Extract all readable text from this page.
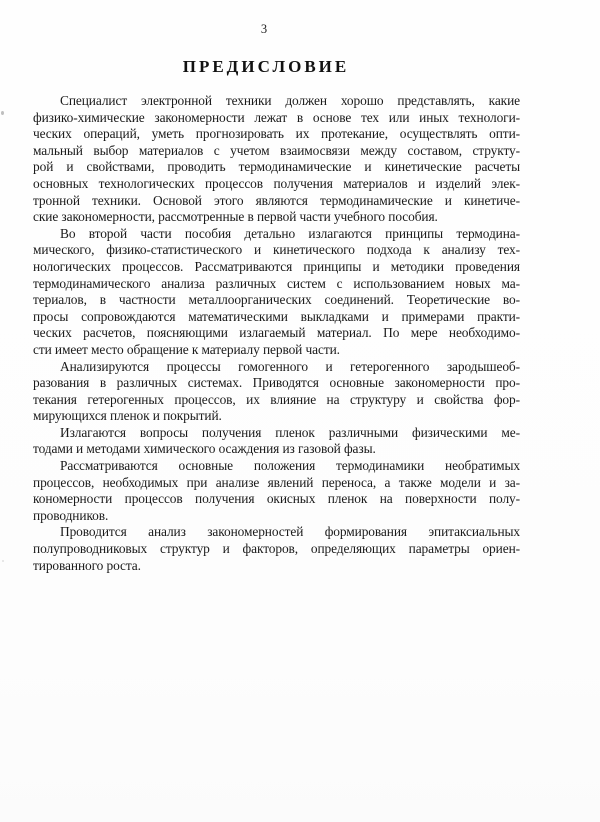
3
ПРЕДИСЛОВИЕ
Специалист электронной техники должен хорошо представлять, какие
физико-химические закономерности лежат в основе тех или иных технологи-
ческих операций, уметь прогнозировать их протекание, осуществлять опти-
мальный выбор материалов с учетом взаимосвязи между составом, структу-
рой и свойствами, проводить термодинамические и кинетические расчеты
основных технологических процессов получения материалов и изделий элек-
тронной техники. Основой этого являются термодинамические и кинетиче-
ские закономерности, рассмотренные в первой части учебного пособия.
Во второй части пособия детально излагаются принципы термодина-
мического, физико-статистического и кинетического подхода к анализу тех-
нологических процессов. Рассматриваются принципы и методики проведения
термодинамического анализа различных систем с использованием новых ма-
териалов, в частности металлоорганических соединений. Теоретические во-
просы сопровождаются математическими выкладками и примерами практи-
ческих расчетов, поясняющими излагаемый материал. По мере необходимо-
сти имеет место обращение к материалу первой части.
Анализируются процессы гомогенного и гетерогенного зародышеоб-
разования в различных системах. Приводятся основные закономерности про-
текания гетерогенных процессов, их влияние на структуру и свойства фор-
мирующихся пленок и покрытий.
Излагаются вопросы получения пленок различными физическими ме-
тодами и методами химического осаждения из газовой фазы.
Рассматриваются основные положения термодинамики необратимых
процессов, необходимых при анализе явлений переноса, а также модели и за-
кономерности процессов получения окисных пленок на поверхности полу-
проводников.
Проводится анализ закономерностей формирования эпитаксиальных
полупроводниковых структур и факторов, определяющих параметры ориен-
тированного роста.
